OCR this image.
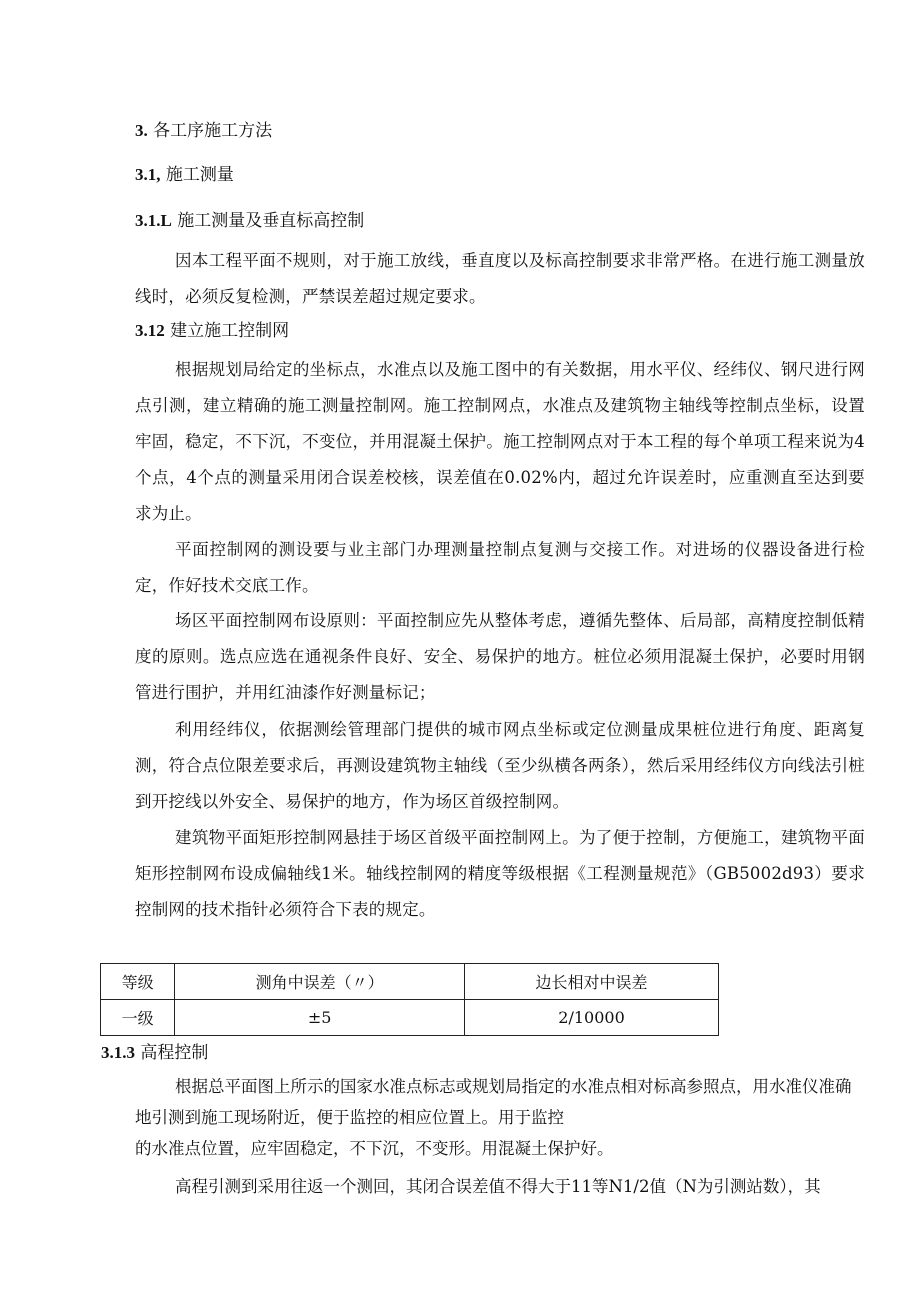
3. 各工序施工方法
3.1, 施工测量
3.1.L 施工测量及垂直标高控制

因本工程平面不规则，对于施工放线，垂直度以及标高控制要求非常严格。在进行施工测量放线时，必须反复检测，严禁误差超过规定要求。

3.12 建立施工控制网

根据规划局给定的坐标点，水准点以及施工图中的有关数据，用水平仪、经纬仪、钢尺进行网点引测，建立精确的施工测量控制网。施工控制网点，水准点及建筑物主轴线等控制点坐标，设置牢固，稳定，不下沉，不变位，并用混凝土保护。施工控制网点对于本工程的每个单项工程来说为4个点，4个点的测量采用闭合误差校核，误差值在0.02%内，超过允许误差时，应重测直至达到要求为止。

平面控制网的测设要与业主部门办理测量控制点复测与交接工作。对进场的仪器设备进行检定，作好技术交底工作。

场区平面控制网布设原则：平面控制应先从整体考虑，遵循先整体、后局部，高精度控制低精度的原则。选点应选在通视条件良好、安全、易保护的地方。桩位必须用混凝土保护，必要时用钢管进行围护，并用红油漆作好测量标记；

利用经纬仪，依据测绘管理部门提供的城市网点坐标或定位测量成果桩位进行角度、距离复测，符合点位限差要求后，再测设建筑物主轴线（至少纵横各两条），然后采用经纬仪方向线法引桩到开挖线以外安全、易保护的地方，作为场区首级控制网。

建筑物平面矩形控制网悬挂于场区首级平面控制网上。为了便于控制，方便施工，建筑物平面矩形控制网布设成偏轴线1米。轴线控制网的精度等级根据《工程测量规范》（GB5002d93）要求控制网的技术指针必须符合下表的规定。

等级	测角中误差（〃）	边长相对中误差
一级	±5	2/10000
3.1.3 高程控制
根据总平面图上所示的国家水准点标志或规划局指定的水准点相对标高参照点，用水准仪准确
地引测到施工现场附近，便于监控的相应位置上。用于监控
的水准点位置，应牢固稳定，不下沉，不变形。用混凝土保护好。
高程引测到采用往返一个测回，其闭合误差值不得大于11等N1/2值（N为引测站数），其
